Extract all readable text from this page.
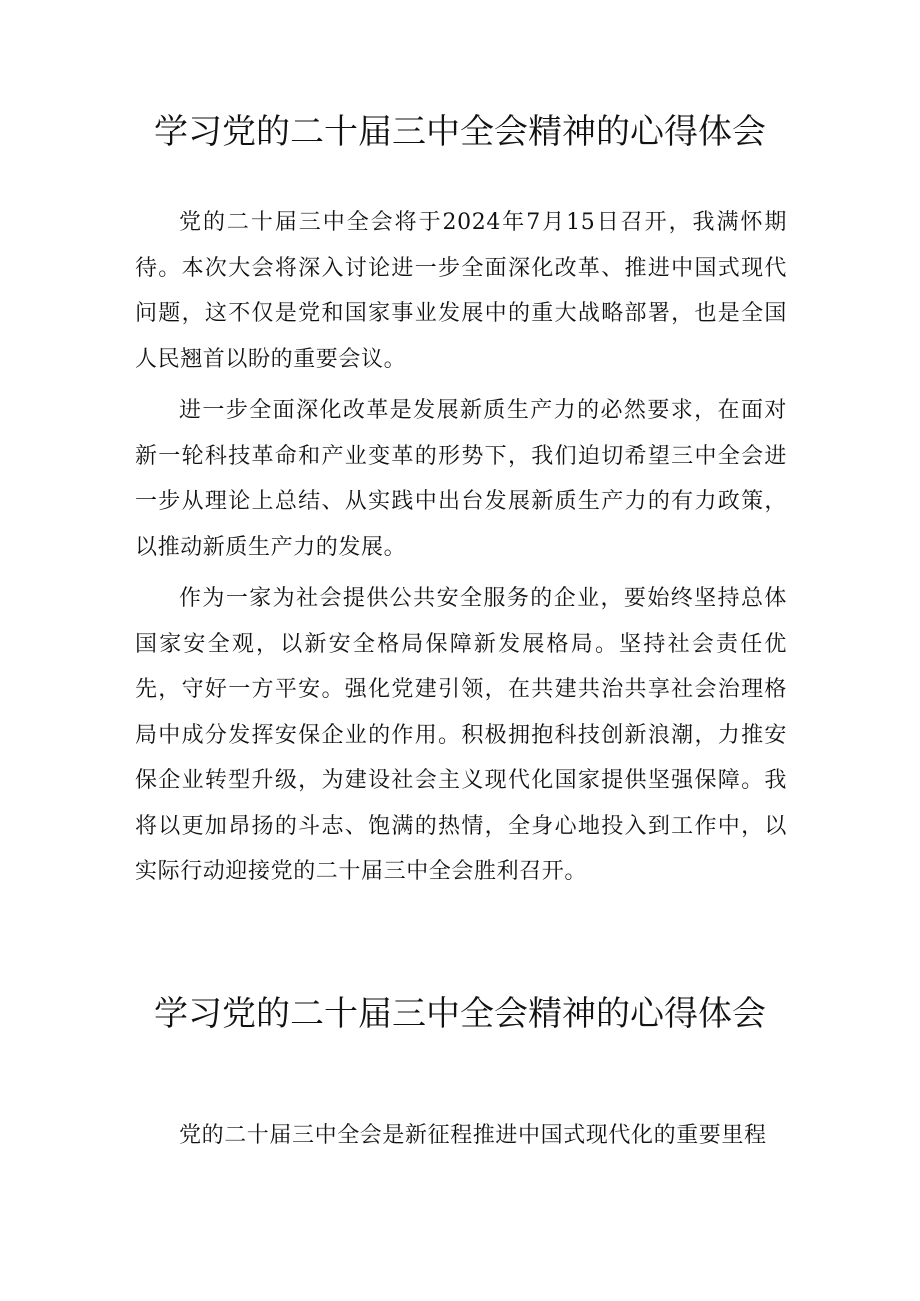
学习党的二十届三中全会精神的心得体会

党的二十届三中全会将于2024年7月15日召开，我满怀期待。本次大会将深入讨论进一步全面深化改革、推进中国式现代问题，这不仅是党和国家事业发展中的重大战略部署，也是全国人民翘首以盼的重要会议。

进一步全面深化改革是发展新质生产力的必然要求，在面对新一轮科技革命和产业变革的形势下，我们迫切希望三中全会进一步从理论上总结、从实践中出台发展新质生产力的有力政策，以推动新质生产力的发展。

作为一家为社会提供公共安全服务的企业，要始终坚持总体国家安全观，以新安全格局保障新发展格局。坚持社会责任优先，守好一方平安。强化党建引领，在共建共治共享社会治理格局中成分发挥安保企业的作用。积极拥抱科技创新浪潮，力推安保企业转型升级，为建设社会主义现代化国家提供坚强保障。我将以更加昂扬的斗志、饱满的热情，全身心地投入到工作中，以实际行动迎接党的二十届三中全会胜利召开。

学习党的二十届三中全会精神的心得体会

党的二十届三中全会是新征程推进中国式现代化的重要里程
